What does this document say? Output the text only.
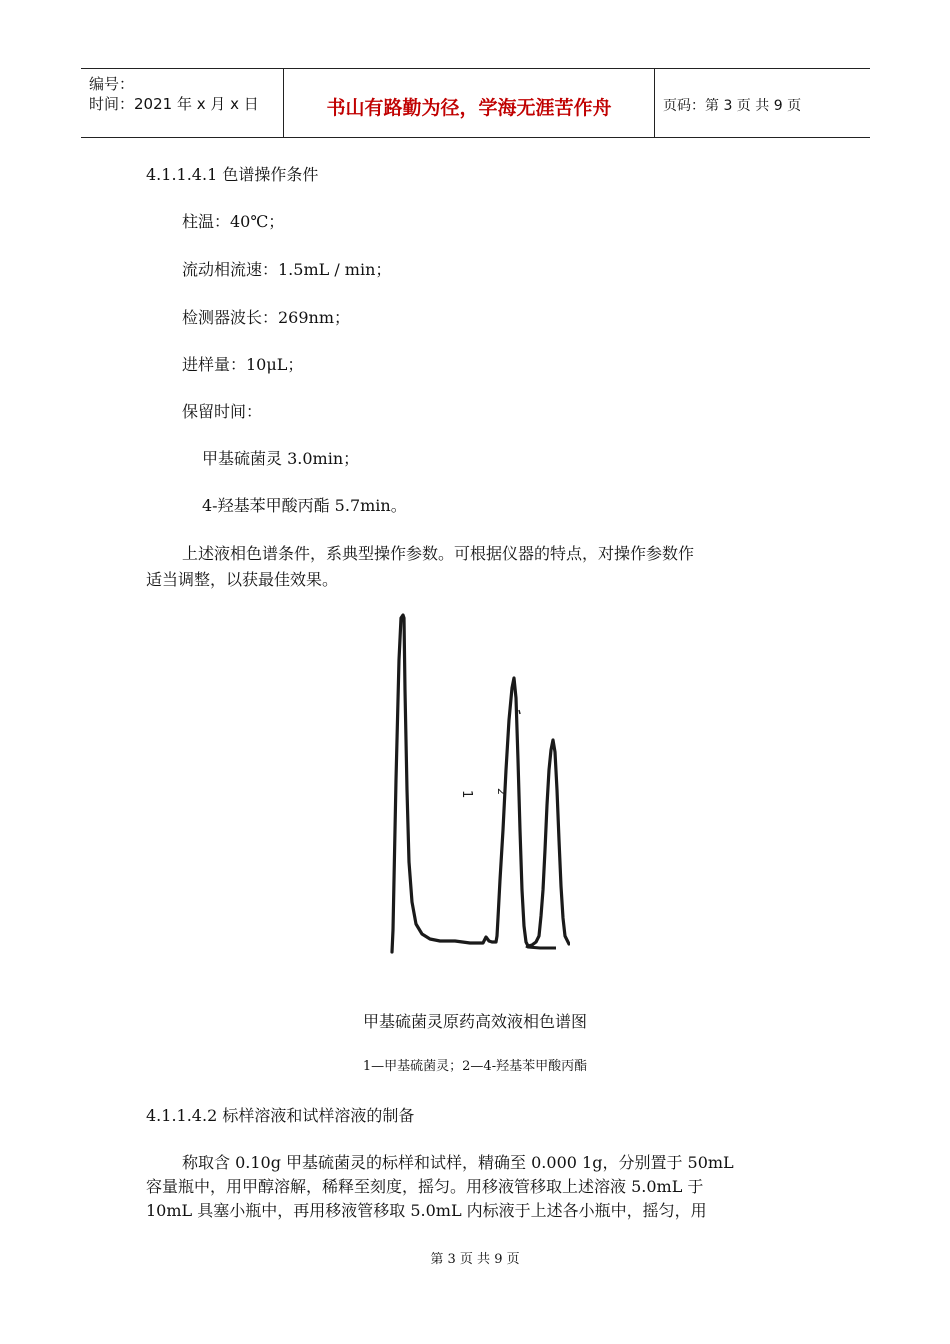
编号：
时间：2021 年 x 月 x 日	书山有路勤为径，学海无涯苦作舟	页码：第 3 页 共 9 页
4.1.1.4.1 色谱操作条件
柱温：40℃；
流动相流速：1.5mL / min；
检测器波长：269nm；
进样量：10μL；
保留时间：
甲基硫菌灵 3.0min；
4-羟基苯甲酸丙酯 5.7min。
上述液相色谱条件，系典型操作参数。可根据仪器的特点，对操作参数作
适当调整，以获最佳效果。
1 2
甲基硫菌灵原药高效液相色谱图
1—甲基硫菌灵；2—4-羟基苯甲酸丙酯
4.1.1.4.2 标样溶液和试样溶液的制备
称取含 0.10g 甲基硫菌灵的标样和试样，精确至 0.000 1g，分别置于 50mL
容量瓶中，用甲醇溶解，稀释至刻度，摇匀。用移液管移取上述溶液 5.0mL 于
10mL 具塞小瓶中，再用移液管移取 5.0mL 内标液于上述各小瓶中，摇匀，用
第 3 页 共 9 页
